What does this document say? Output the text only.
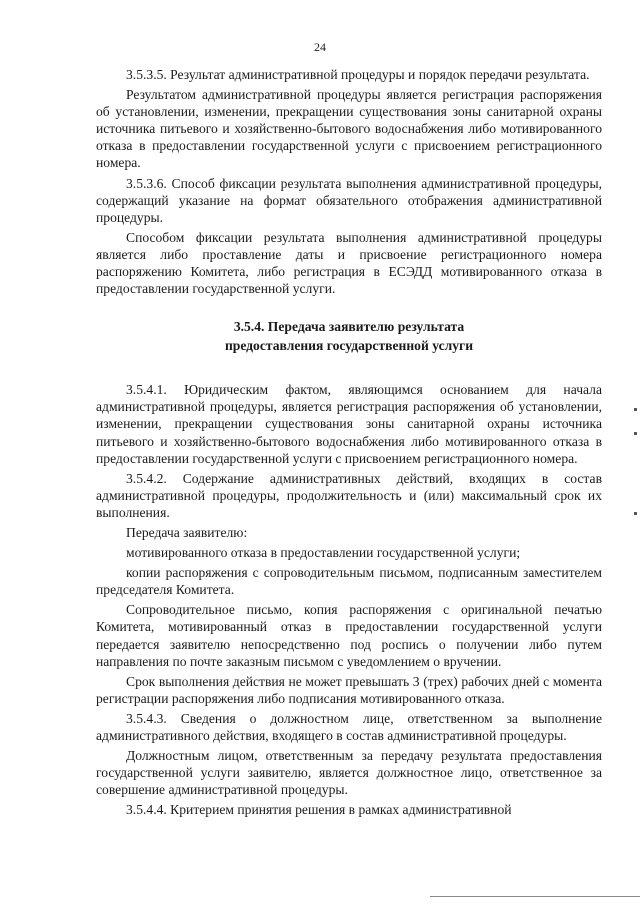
24

3.5.3.5. Результат административной процедуры и порядок передачи результата.

Результатом административной процедуры является регистрация распоряжения об установлении, изменении, прекращении существования зоны санитарной охраны источника питьевого и хозяйственно-бытового водоснабжения либо мотивированного отказа в предоставлении государственной услуги с присвоением регистрационного номера.

3.5.3.6. Способ фиксации результата выполнения административной процедуры, содержащий указание на формат обязательного отображения административной процедуры.

Способом фиксации результата выполнения административной процедуры является либо проставление даты и присвоение регистрационного номера распоряжению Комитета, либо регистрация в ЕСЭДД мотивированного отказа в предоставлении государственной услуги.

3.5.4. Передача заявителю результата
предоставления государственной услуги

3.5.4.1. Юридическим фактом, являющимся основанием для начала административной процедуры, является регистрация распоряжения об установлении, изменении, прекращении существования зоны санитарной охраны источника питьевого и хозяйственно-бытового водоснабжения либо мотивированного отказа в предоставлении государственной услуги с присвоением регистрационного номера.

3.5.4.2. Содержание административных действий, входящих в состав административной процедуры, продолжительность и (или) максимальный срок их выполнения.

Передача заявителю:

мотивированного отказа в предоставлении государственной услуги;

копии распоряжения с сопроводительным письмом, подписанным заместителем председателя Комитета.

Сопроводительное письмо, копия распоряжения с оригинальной печатью Комитета, мотивированный отказ в предоставлении государственной услуги передается заявителю непосредственно под роспись о получении либо путем направления по почте заказным письмом с уведомлением о вручении.

Срок выполнения действия не может превышать 3 (трех) рабочих дней с момента регистрации распоряжения либо подписания мотивированного отказа.

3.5.4.3. Сведения о должностном лице, ответственном за выполнение административного действия, входящего в состав административной процедуры.

Должностным лицом, ответственным за передачу результата предоставления государственной услуги заявителю, является должностное лицо, ответственное за совершение административной процедуры.

3.5.4.4. Критерием принятия решения в рамках административной
